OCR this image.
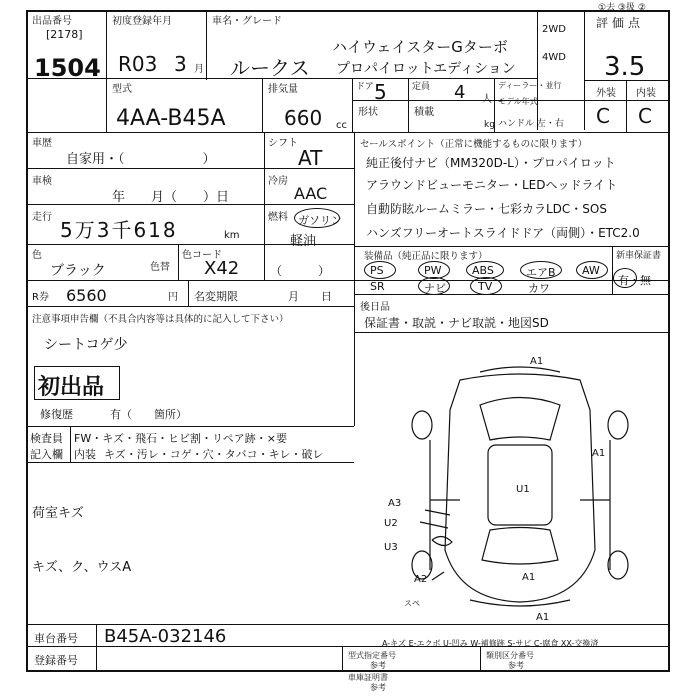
出品番号
[2178]
1504
初度登録年月
R03 3 月
車名・グレード
ルークス
ハイウェイスターGターボ
プロパイロットエディション
2WD
4WD
①去 ③扱 ②
評価点
3.5
型式
4AA-B45A
排気量
660 cc
ドア 5	定員 4 人
形状	積載
kg
ディーラー・並行
モデル年式
ハンドル 左・右
外装 内装
C C
車歴
自家用・（　　　　　　）
車検
年　　月（　　）日
走行
5万3千618	km
シフト
AT
冷房
AAC
燃料 ガソリン
軽油
（　　　）
色
ブラック	色替
色コード
X42
R券 6560	円 名変期限	月　　日
セールスポイント（正常に機能するものに限ります）
純正後付ナビ（MM320D-L）・プロパイロット
アラウンドビューモニター・LEDヘッドライト
自動防眩ルームミラー・七彩カラLDC・SOS
ハンズフリーオートスライドドア（両側）・ETC2.0
装備品（純正品に限ります）	新車保証書
有・無
PS	PW	ABS	エアB AW
SR	ナビ	TV	カワ
後日品
保証書・取説・ナビ取説・地図SD
注意事項申告欄（不具合内容等は具体的に記入して下さい）
シートコゲ少
初出品
修復歴	有（　　箇所）
検査員
記入欄
FW・キズ・飛石・ヒビ割・リペア跡・×要
内装 キズ・汚レ・コゲ・穴・タバコ・キレ・破レ
荷室キズ
キズ、ク、ウスA
A1
A1
U1
A1
A3
U2
U3
A2
スペ
A1
車台番号 B45A-032146
登録番号
A-キズ E-エクボ U-凹み W-補修跡 S-サビ C-腐食 XX-交換済
型式指定番号
参考
類別区分番号
参考
車庫証明書
参考
